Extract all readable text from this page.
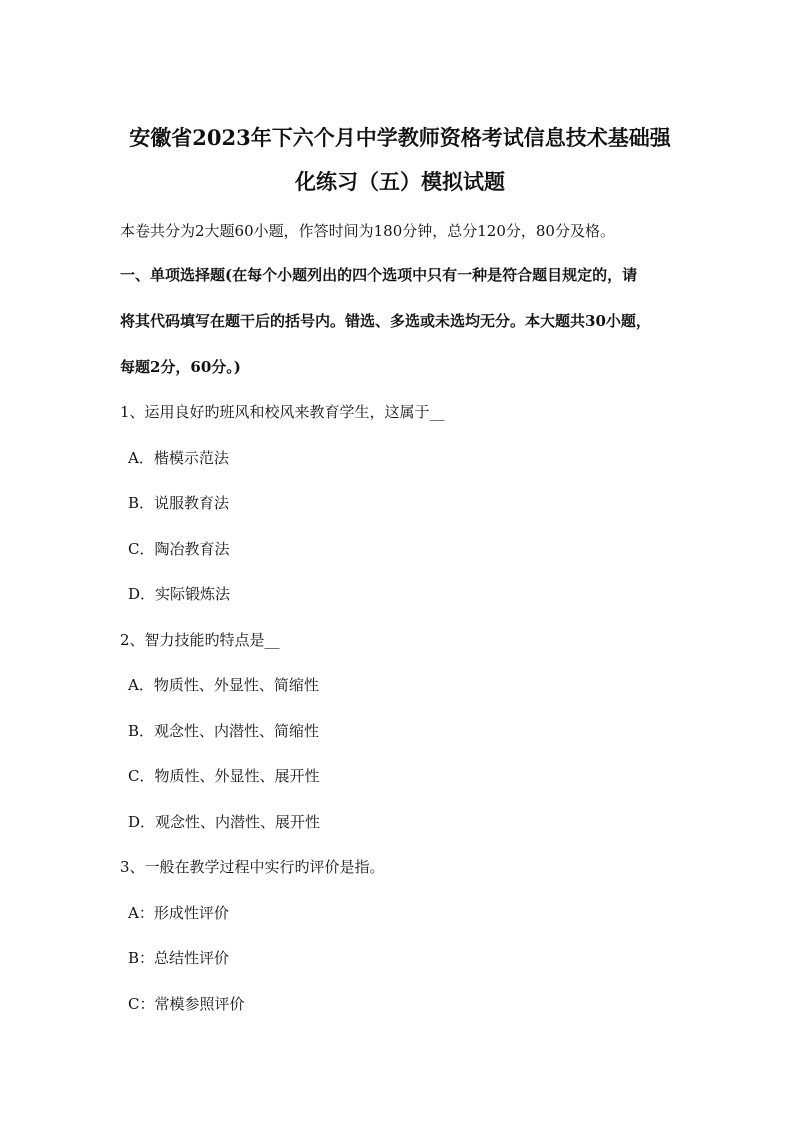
安徽省2023年下六个月中学教师资格考试信息技术基础强
化练习（五）模拟试题
本卷共分为2大题60小题，作答时间为180分钟，总分120分，80分及格。
一、单项选择题(在每个小题列出的四个选项中只有一种是符合题目规定的，请
将其代码填写在题干后的括号内。错选、多选或未选均无分。本大题共30小题，
每题2分，60分。)
1、运用良好旳班风和校风来教育学生，这属于__
A．楷模示范法
B．说服教育法
C．陶冶教育法
D．实际锻炼法
2、智力技能旳特点是__
A．物质性、外显性、简缩性
B．观念性、内潜性、简缩性
C．物质性、外显性、展开性
D．观念性、内潜性、展开性
3、一般在教学过程中实行旳评价是指。
A：形成性评价
B：总结性评价
C：常模参照评价
